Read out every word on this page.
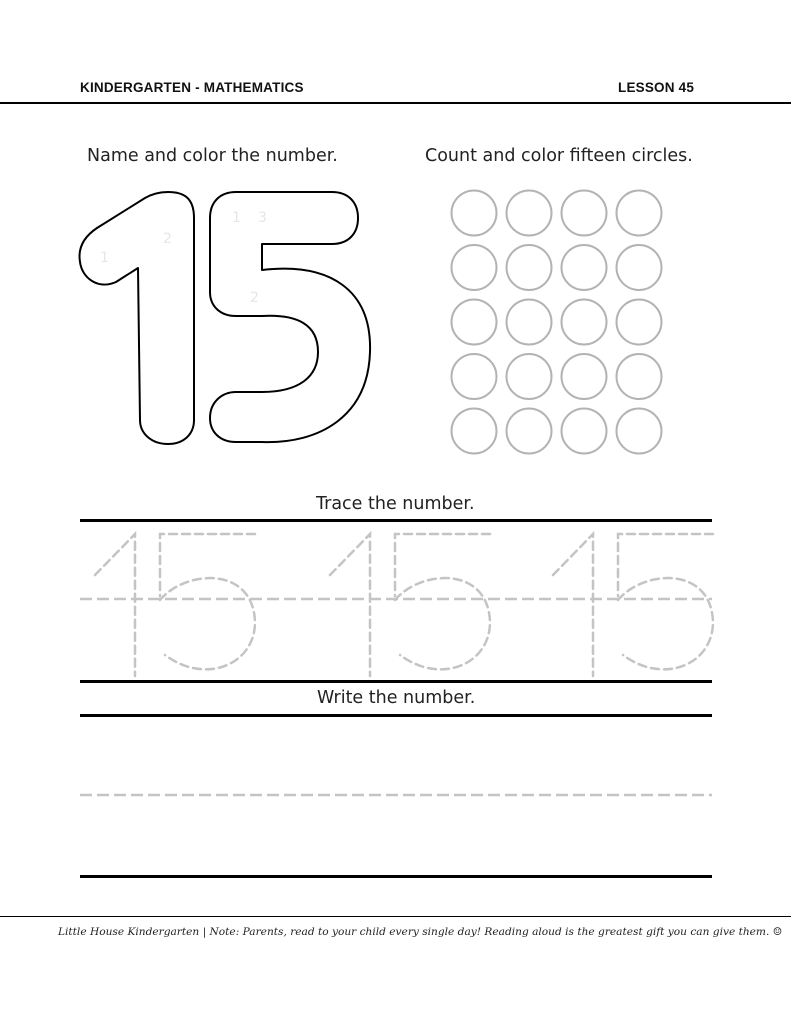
KINDERGARTEN - MATHEMATICS	LESSON 45
Name and color the number.	Count and color fifteen circles.
1
2
1 3
2
Trace the number.
Write the number.
Little House Kindergarten | Note: Parents, read to your child every single day! Reading aloud is the greatest gift you can give them. ☺
